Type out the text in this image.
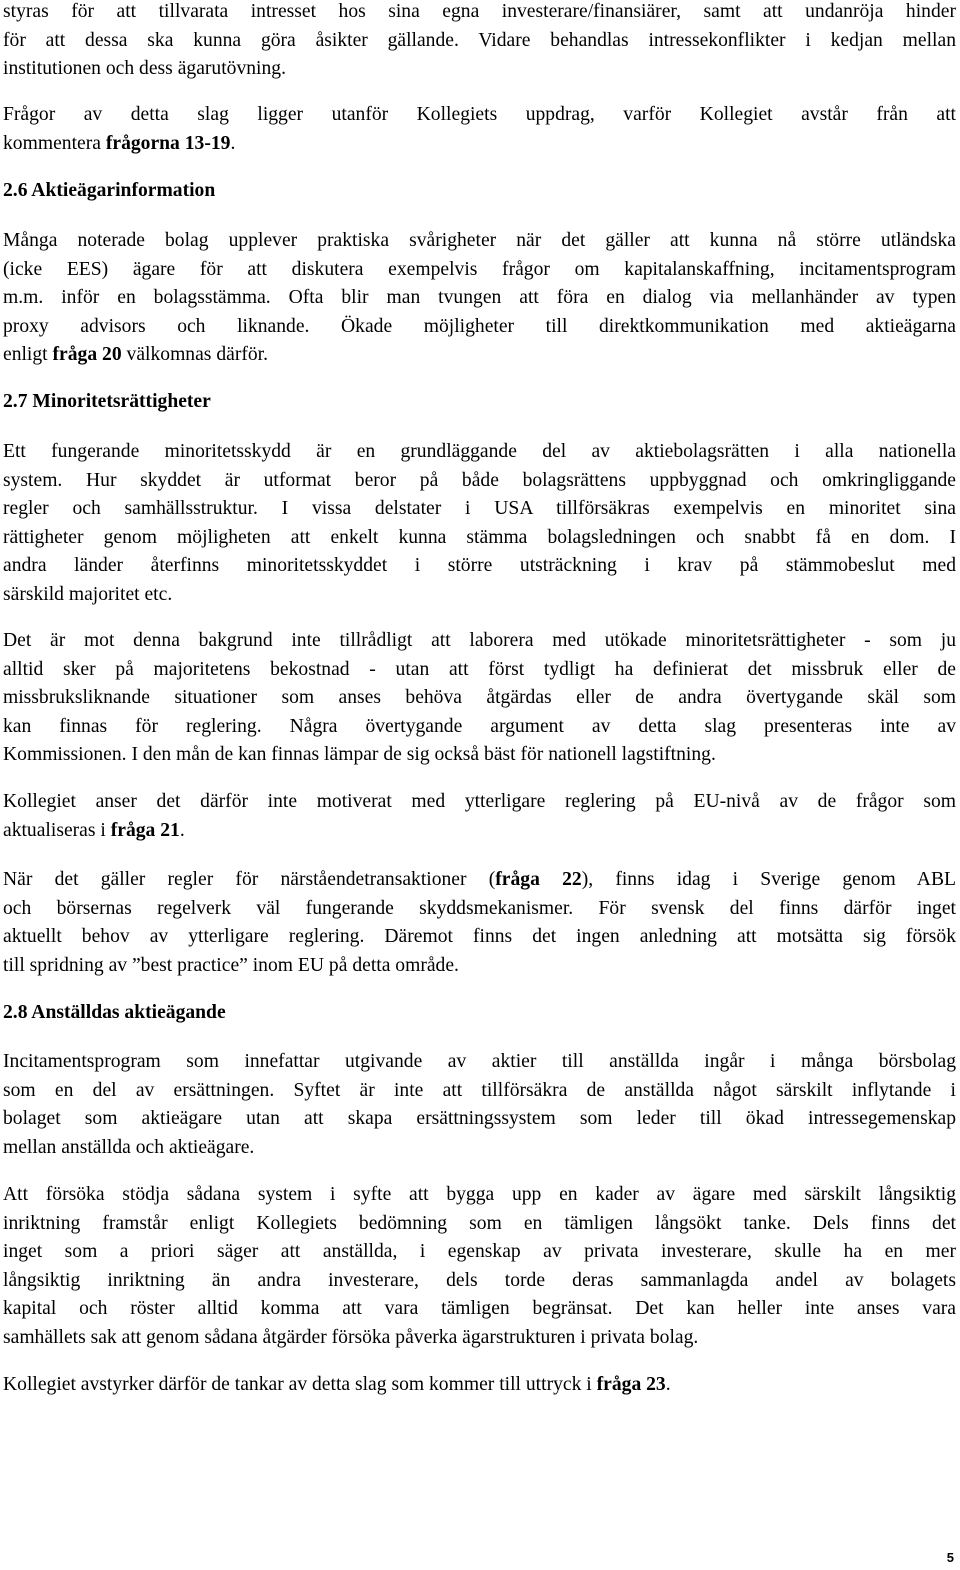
styras för att tillvarata intresset hos sina egna investerare/finansiärer, samt att undanröja hinder
för att dessa ska kunna göra åsikter gällande. Vidare behandlas intressekonflikter i kedjan mellan
institutionen och dess ägarutövning.
Frågor av detta slag ligger utanför Kollegiets uppdrag, varför Kollegiet avstår från att
kommentera frågorna 13-19.
2.6 Aktieägarinformation
Många noterade bolag upplever praktiska svårigheter när det gäller att kunna nå större utländska
(icke EES) ägare för att diskutera exempelvis frågor om kapitalanskaffning, incitamentsprogram
m.m. inför en bolagsstämma. Ofta blir man tvungen att föra en dialog via mellanhänder av typen
proxy advisors och liknande. Ökade möjligheter till direktkommunikation med aktieägarna
enligt fråga 20 välkomnas därför.
2.7 Minoritetsrättigheter
Ett fungerande minoritetsskydd är en grundläggande del av aktiebolagsrätten i alla nationella
system. Hur skyddet är utformat beror på både bolagsrättens uppbyggnad och omkringliggande
regler och samhällsstruktur. I vissa delstater i USA tillförsäkras exempelvis en minoritet sina
rättigheter genom möjligheten att enkelt kunna stämma bolagsledningen och snabbt få en dom. I
andra länder återfinns minoritetsskyddet i större utsträckning i krav på stämmobeslut med
särskild majoritet etc.
Det är mot denna bakgrund inte tillrådligt att laborera med utökade minoritetsrättigheter - som ju
alltid sker på majoritetens bekostnad - utan att först tydligt ha definierat det missbruk eller de
missbruksliknande situationer som anses behöva åtgärdas eller de andra övertygande skäl som
kan finnas för reglering. Några övertygande argument av detta slag presenteras inte av
Kommissionen. I den mån de kan finnas lämpar de sig också bäst för nationell lagstiftning.
Kollegiet anser det därför inte motiverat med ytterligare reglering på EU-nivå av de frågor som
aktualiseras i fråga 21.
När det gäller regler för närståendetransaktioner (fråga 22), finns idag i Sverige genom ABL
och börsernas regelverk väl fungerande skyddsmekanismer. För svensk del finns därför inget
aktuellt behov av ytterligare reglering. Däremot finns det ingen anledning att motsätta sig försök
till spridning av ”best practice” inom EU på detta område.
2.8 Anställdas aktieägande
Incitamentsprogram som innefattar utgivande av aktier till anställda ingår i många börsbolag
som en del av ersättningen. Syftet är inte att tillförsäkra de anställda något särskilt inflytande i
bolaget som aktieägare utan att skapa ersättningssystem som leder till ökad intressegemenskap
mellan anställda och aktieägare.
Att försöka stödja sådana system i syfte att bygga upp en kader av ägare med särskilt långsiktig
inriktning framstår enligt Kollegiets bedömning som en tämligen långsökt tanke. Dels finns det
inget som a priori säger att anställda, i egenskap av privata investerare, skulle ha en mer
långsiktig inriktning än andra investerare, dels torde deras sammanlagda andel av bolagets
kapital och röster alltid komma att vara tämligen begränsat. Det kan heller inte anses vara
samhällets sak att genom sådana åtgärder försöka påverka ägarstrukturen i privata bolag.
Kollegiet avstyrker därför de tankar av detta slag som kommer till uttryck i fråga 23.
5
